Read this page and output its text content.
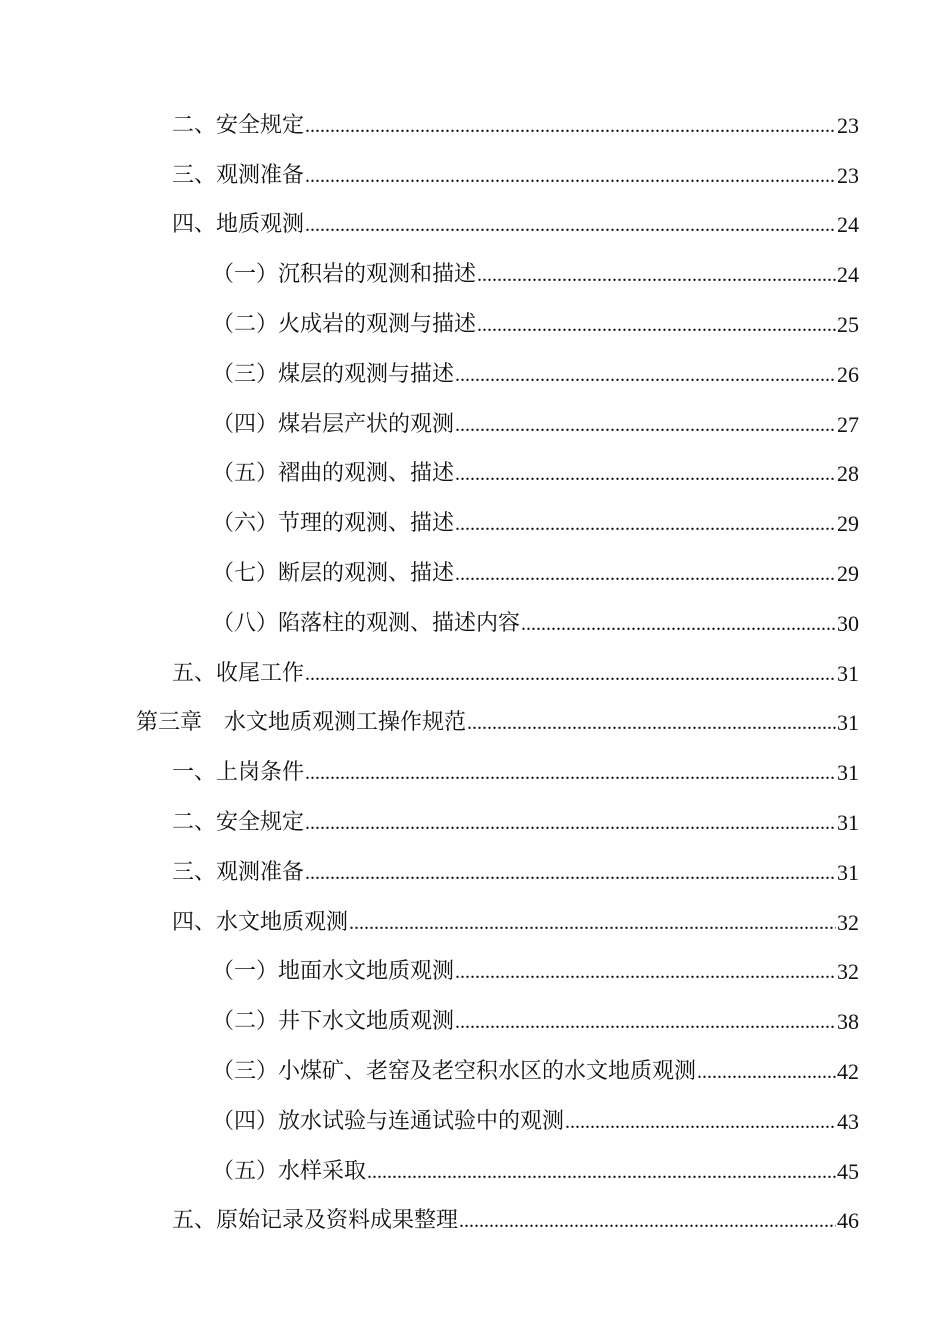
二、安全规定 .....	23
三、观测准备 .....	23
四、地质观测 .....	24
（一）沉积岩的观测和描述 .....	24
（二）火成岩的观测与描述 .....	25
（三）煤层的观测与描述 .....	26
（四）煤岩层产状的观测 .....	27
（五）褶曲的观测、描述 .....	28
（六）节理的观测、描述 .....	29
（七）断层的观测、描述 .....	29
（八）陷落柱的观测、描述内容 .....	30
五、收尾工作 .....	31
第三章　水文地质观测工操作规范 .....	31
一、上岗条件 .....	31
二、安全规定 .....	31
三、观测准备 .....	31
四、水文地质观测 .....	32
（一）地面水文地质观测 .....	32
（二）井下水文地质观测 .....	38
（三）小煤矿、老窑及老空积水区的水文地质观测 .....	42
（四）放水试验与连通试验中的观测 .....	43
（五）水样采取 .....	45
五、原始记录及资料成果整理 .....	46
